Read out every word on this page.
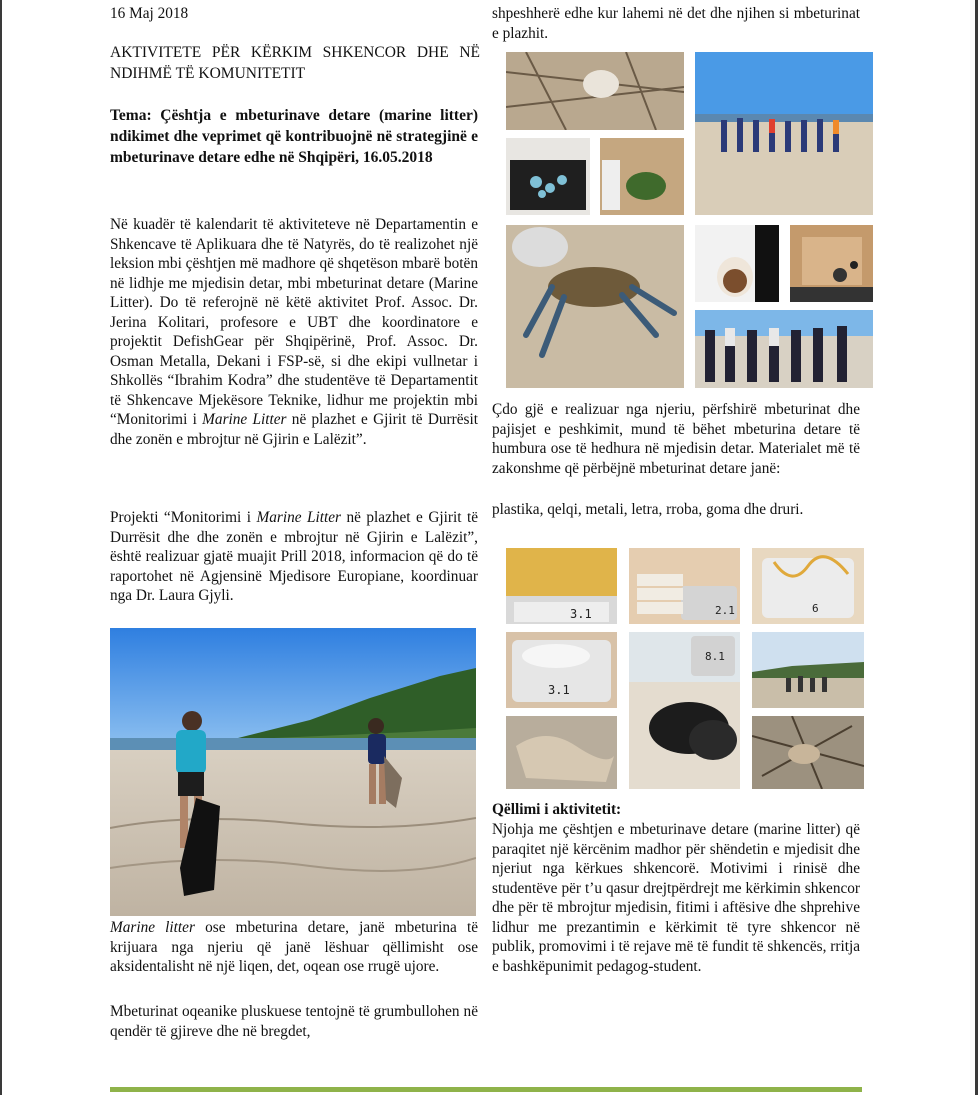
16 Maj 2018

AKTIVITETE PËR KËRKIM SHKENCOR DHE NË NDIHMË TË KOMUNITETIT

Tema: Çështja e mbeturinave detare (marine litter) ndikimet dhe veprimet që kontribuojnë në strategjinë e mbeturinave detare edhe në Shqipëri, 16.05.2018

Në kuadër të kalendarit të aktiviteteve në Departamentin e Shkencave të Aplikuara dhe të Natyrës, do të realizohet një leksion mbi çështjen më madhore që shqetëson mbarë botën në lidhje me mjedisin detar, mbi mbeturinat detare (Marine Litter). Do të referojnë në këtë aktivitet Prof. Assoc. Dr. Jerina Kolitari, profesore e UBT dhe koordinatore e projektit DefishGear për Shqipërinë, Prof. Assoc. Dr. Osman Metalla, Dekani i FSP-së, si dhe ekipi vullnetar i Shkollës “Ibrahim Kodra” dhe studentëve të Departamentit të Shkencave Mjekësore Teknike, lidhur me projektin mbi “Monitorimi i Marine Litter në plazhet e Gjirit të Durrësit dhe zonën e mbrojtur në Gjirin e Lalëzit”.

Projekti “Monitorimi i Marine Litter në plazhet e Gjirit të Durrësit dhe dhe zonën e mbrojtur në Gjirin e Lalëzit”, është realizuar gjatë muajit Prill 2018, informacion që do të raportohet në Agjensinë Mjedisore Europiane, koordinuar nga Dr. Laura Gjyli.

Marine litter ose mbeturina detare, janë mbeturina të krijuara nga njeriu që janë lëshuar qëllimisht ose aksidentalisht në një liqen, det, oqean ose rrugë ujore.

Mbeturinat oqeanike pluskuese tentojnë të grumbullohen në qendër të gjireve dhe në bregdet,

shpeshherë edhe kur lahemi në det dhe njihen si mbeturinat e plazhit.

Çdo gjë e realizuar nga njeriu, përfshirë mbeturinat dhe pajisjet e peshkimit, mund të bëhet mbeturina detare të humbura ose të hedhura në mjedisin detar. Materialet më të zakonshme që përbëjnë mbeturinat detare janë:

plastika, qelqi, metali, letra, rroba, goma dhe druri.

3.1	2.1	6
3.1
8.1

Qëllimi i aktivitetit:

Njohja me çështjen e mbeturinave detare (marine litter) që paraqitet një kërcënim madhor për shëndetin e mjedisit dhe njeriut nga kërkues shkencorë. Motivimi i rinisë dhe studentëve për t’u qasur drejtpërdrejt me kërkimin shkencor dhe për të mbrojtur mjedisin, fitimi i aftësive dhe shprehive lidhur me prezantimin e kërkimit të tyre shkencor në publik, promovimi i të rejave më të fundit të shkencës, rritja e bashkëpunimit pedagog-student.
